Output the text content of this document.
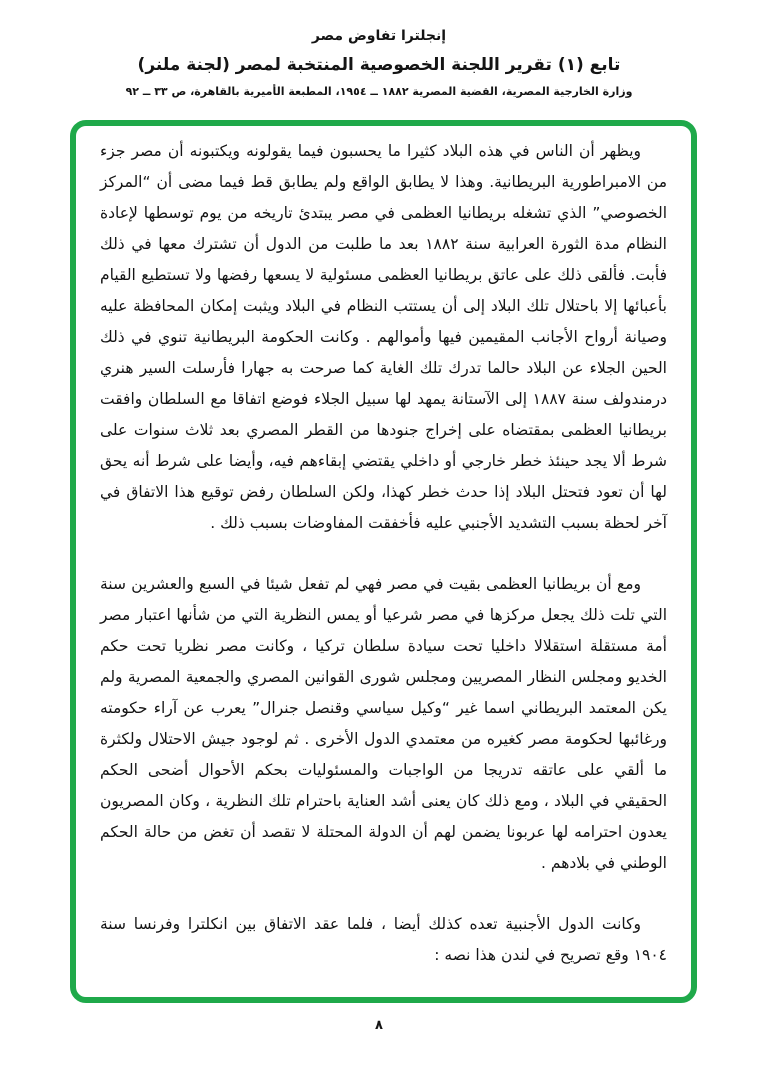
إنجلترا تفاوض مصر
تابع (١) تقرير اللجنة الخصوصية المنتخبة لمصر (لجنة ملنر)
وزارة الخارجية المصرية، القضية المصرية ١٨٨٢ ــ ١٩٥٤، المطبعة الأميرية بالقاهرة، ص ٣٣ ــ ٩٢

ويظهر أن الناس في هذه البلاد كثيرا ما يحسبون فيما يقولونه ويكتبونه أن مصر جزء من الامبراطورية البريطانية. وهذا لا يطابق الواقع ولم يطابق قط فيما مضى أن “المركز الخصوصي” الذي تشغله بريطانيا العظمى في مصر يبتدئ تاريخه من يوم توسطها لإعادة النظام مدة الثورة العرابية سنة ١٨٨٢ بعد ما طلبت من الدول أن تشترك معها في ذلك فأبت. فألقى ذلك على عاتق بريطانيا العظمى مسئولية لا يسعها رفضها ولا تستطيع القيام بأعبائها إلا باحتلال تلك البلاد إلى أن يستتب النظام في البلاد ويثبت إمكان المحافظة عليه وصيانة أرواح الأجانب المقيمين فيها وأموالهم . وكانت الحكومة البريطانية تنوي في ذلك الحين الجلاء عن البلاد حالما تدرك تلك الغاية كما صرحت به جهارا فأرسلت السير هنري درمندولف سنة ١٨٨٧ إلى الآستانة يمهد لها سبيل الجلاء فوضع اتفاقا مع السلطان وافقت بريطانيا العظمى بمقتضاه على إخراج جنودها من القطر المصري بعد ثلاث سنوات على شرط ألا يجد حينئذ خطر خارجي أو داخلي يقتضي إبقاءهم فيه، وأيضا على شرط أنه يحق لها أن تعود فتحتل البلاد إذا حدث خطر كهذا، ولكن السلطان رفض توقيع هذا الاتفاق في آخر لحظة بسبب التشديد الأجنبي عليه فأخفقت المفاوضات بسبب ذلك .

ومع أن بريطانيا العظمى بقيت في مصر فهي لم تفعل شيئا في السبع والعشرين سنة التي تلت ذلك يجعل مركزها في مصر شرعيا أو يمس النظرية التي من شأنها اعتبار مصر أمة مستقلة استقلالا داخليا تحت سيادة سلطان تركيا ، وكانت مصر نظريا تحت حكم الخديو ومجلس النظار المصريين ومجلس شورى القوانين المصري والجمعية المصرية ولم يكن المعتمد البريطاني اسما غير “وكيل سياسي وقنصل جنرال” يعرب عن آراء حكومته ورغائبها لحكومة مصر كغيره من معتمدي الدول الأخرى . ثم لوجود جيش الاحتلال ولكثرة ما ألقي على عاتقه تدريجا من الواجبات والمسئوليات بحكم الأحوال أضحى الحكم الحقيقي في البلاد ، ومع ذلك كان يعنى أشد العناية باحترام تلك النظرية ، وكان المصريون يعدون احترامه لها عربونا يضمن لهم أن الدولة المحتلة لا تقصد أن تغض من حالة الحكم الوطني في بلادهم .

وكانت الدول الأجنبية تعده كذلك أيضا ، فلما عقد الاتفاق بين انكلترا وفرنسا سنة ١٩٠٤ وقع تصريح في لندن هذا نصه :

٨
